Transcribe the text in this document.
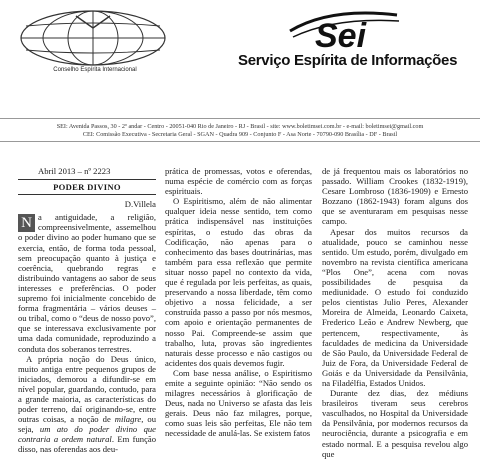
Conselho Espírita Internacional
Sei
Serviço Espírita de Informações
SEI: Avenida Passos, 30 - 2º andar - Centro - 20051-040 Rio de Janeiro - RJ - Brasil - site: www.boletimsei.com.br - e-mail: boletimsei@gmail.com
CEI: Comissão Executiva - Secretaria Geral - SGAN - Quadra 909 - Conjunto F - Asa Norte - 70790-090 Brasília - DF - Brasil
Abril 2013 – nº 2223
PODER DIVINO
D.Villela

N a antiguidade, a religião, compreensivelmente, assemelhou o poder divino ao poder humano que se exercia, então, de forma toda pessoal, sem preocupação quanto à justiça e coerência, quebrando regras e distribuindo vantagens ao sabor de seus interesses e preferências. O poder supremo foi inicialmente concebido de forma fragmentária – vários deuses – ou tribal, como o “deus de nosso povo”, que se interessava exclusivamente por uma dada comunidade, reproduzindo a conduta dos soberanos terrestres.

A própria noção do Deus único, muito antiga entre pequenos grupos de iniciados, demorou a difundir-se em nível popular, guardando, contudo, para a grande maioria, as características do poder terreno, daí originando-se, entre outras coisas, a noção de milagre, ou seja, um ato do poder divino que contraria a ordem natural. Em função disso, nas oferendas aos deu-

prática de promessas, votos e oferendas, numa espécie de comércio com as forças espirituais.

O Espiritismo, além de não alimentar qualquer ideia nesse sentido, tem como prática indispensável nas instituições espíritas, o estudo das obras da Codificação, não apenas para o conhecimento das bases doutrinárias, mas também para essa reflexão que permite situar nosso papel no contexto da vida, que é regulada por leis perfeitas, as quais, preservando a nossa liberdade, têm como objetivo a nossa felicidade, a ser construída passo a passo por nós mesmos, com apoio e orientação permanentes de nosso Pai. Compreende-se assim que trabalho, luta, provas são ingredientes naturais desse processo e não castigos ou acidentes dos quais devemos fugir.

Com base nessa análise, o Espiritismo emite a seguinte opinião: “Não sendo os milagres necessários à glorificação de Deus, nada no Universo se afasta das leis gerais. Deus não faz milagres, porque, como suas leis são perfeitas, Ele não tem necessidade de anulá-las. Se existem fatos

de já frequentou mais os laboratórios no passado. William Crookes (1832-1919), Cesare Lombroso (1836-1909) e Ernesto Bozzano (1862-1943) foram alguns dos que se aventuraram em pesquisas nesse campo.

Apesar dos muitos recursos da atualidade, pouco se caminhou nesse sentido. Um estudo, porém, divulgado em novembro na revista científica americana “Plos One”, acena com novas possibilidades de pesquisa da mediunidade. O estudo foi conduzido pelos cientistas Julio Peres, Alexander Moreira de Almeida, Leonardo Caixeta, Frederico Leão e Andrew Newberg, que pertencem, respectivamente, às faculdades de medicina da Universidade de São Paulo, da Universidade Federal de Juiz de Fora, da Universidade Federal de Goiás e da Universidade da Pensilvânia, na Filadélfia, Estados Unidos.

Durante dez dias, dez médiuns brasileiros tiveram seus cerebros vasculhados, no Hospital da Universidade da Pensilvânia, por modernos recursos da neurociência, durante a psicografia e em estado normal. E a pesquisa revelou algo que
